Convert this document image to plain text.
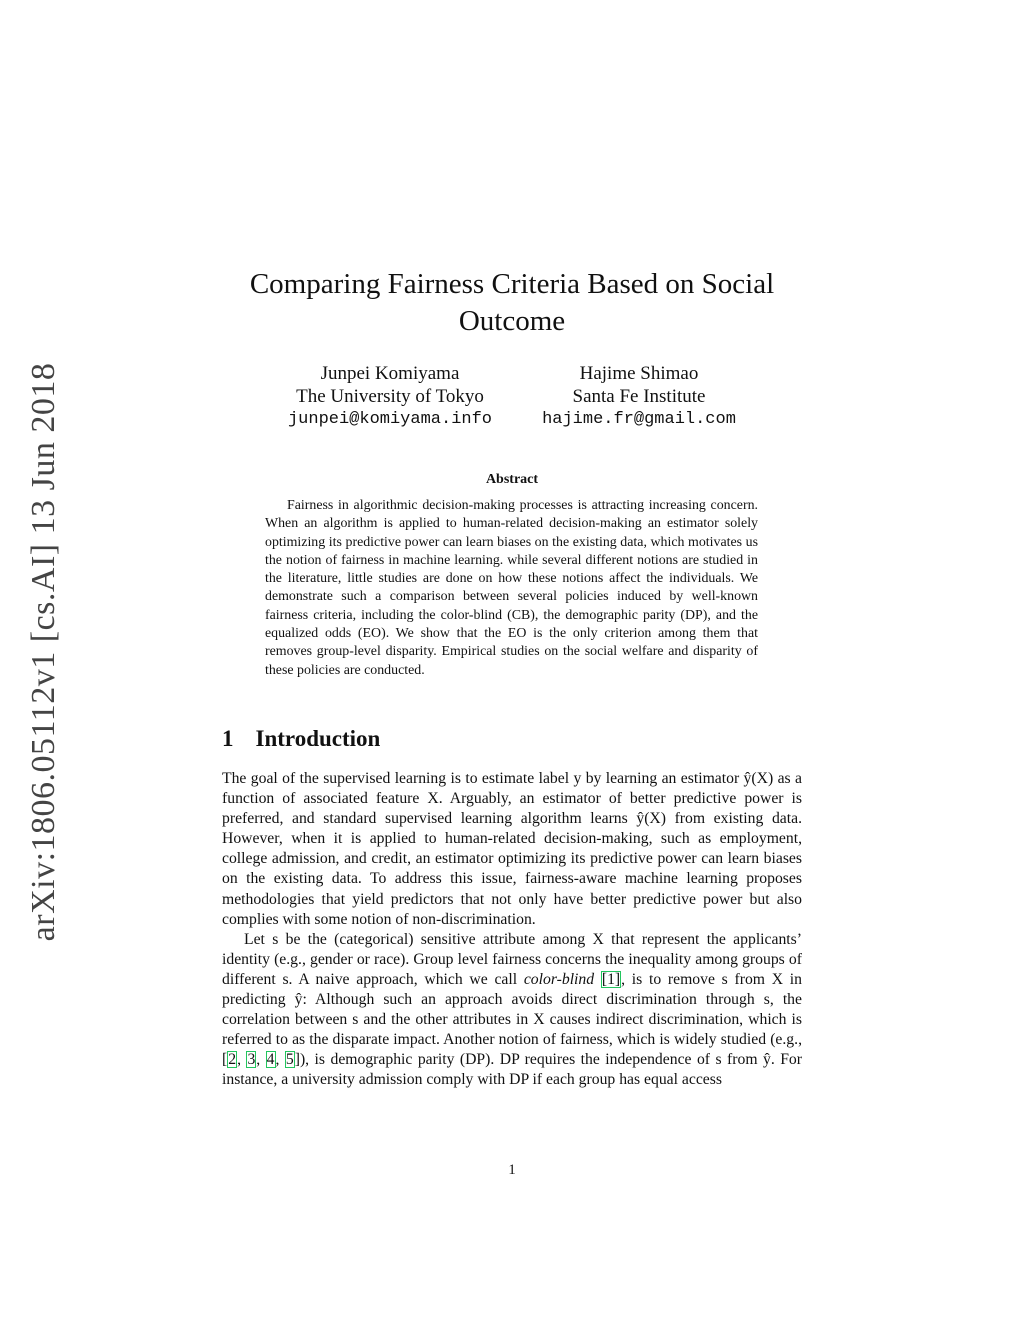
arXiv:1806.05112v1 [cs.AI] 13 Jun 2018
Comparing Fairness Criteria Based on Social
Outcome
Junpei Komiyama
The University of Tokyo
junpei@komiyama.info
Hajime Shimao
Santa Fe Institute
hajime.fr@gmail.com
Abstract

Fairness in algorithmic decision-making processes is attracting increasing concern. When an algorithm is applied to human-related decision-making an estimator solely optimizing its predictive power can learn biases on the existing data, which motivates us the notion of fairness in machine learning. while several different notions are studied in the literature, little studies are done on how these notions affect the individuals. We demonstrate such a comparison between several policies induced by well-known fairness criteria, including the color-blind (CB), the demographic parity (DP), and the equalized odds (EO). We show that the EO is the only criterion among them that removes group-level disparity. Empirical studies on the social welfare and disparity of these policies are conducted.

1 Introduction

The goal of the supervised learning is to estimate label y by learning an estimator ŷ(X) as a function of associated feature X. Arguably, an estimator of better predictive power is preferred, and standard supervised learning algorithm learns ŷ(X) from existing data. However, when it is applied to human-related decision-making, such as employment, college admission, and credit, an estimator optimizing its predictive power can learn biases on the existing data. To address this issue, fairness-aware machine learning proposes methodologies that yield predictors that not only have better predictive power but also complies with some notion of non-discrimination.

Let s be the (categorical) sensitive attribute among X that represent the applicants’ identity (e.g., gender or race). Group level fairness concerns the inequality among groups of different s. A naive approach, which we call color-blind [1], is to remove s from X in predicting ŷ: Although such an approach avoids direct discrimination through s, the correlation between s and the other attributes in X causes indirect discrimination, which is referred to as the disparate impact. Another notion of fairness, which is widely studied (e.g., [2, 3, 4, 5]), is demographic parity (DP). DP requires the independence of s from ŷ. For instance, a university admission comply with DP if each group has equal access

1
